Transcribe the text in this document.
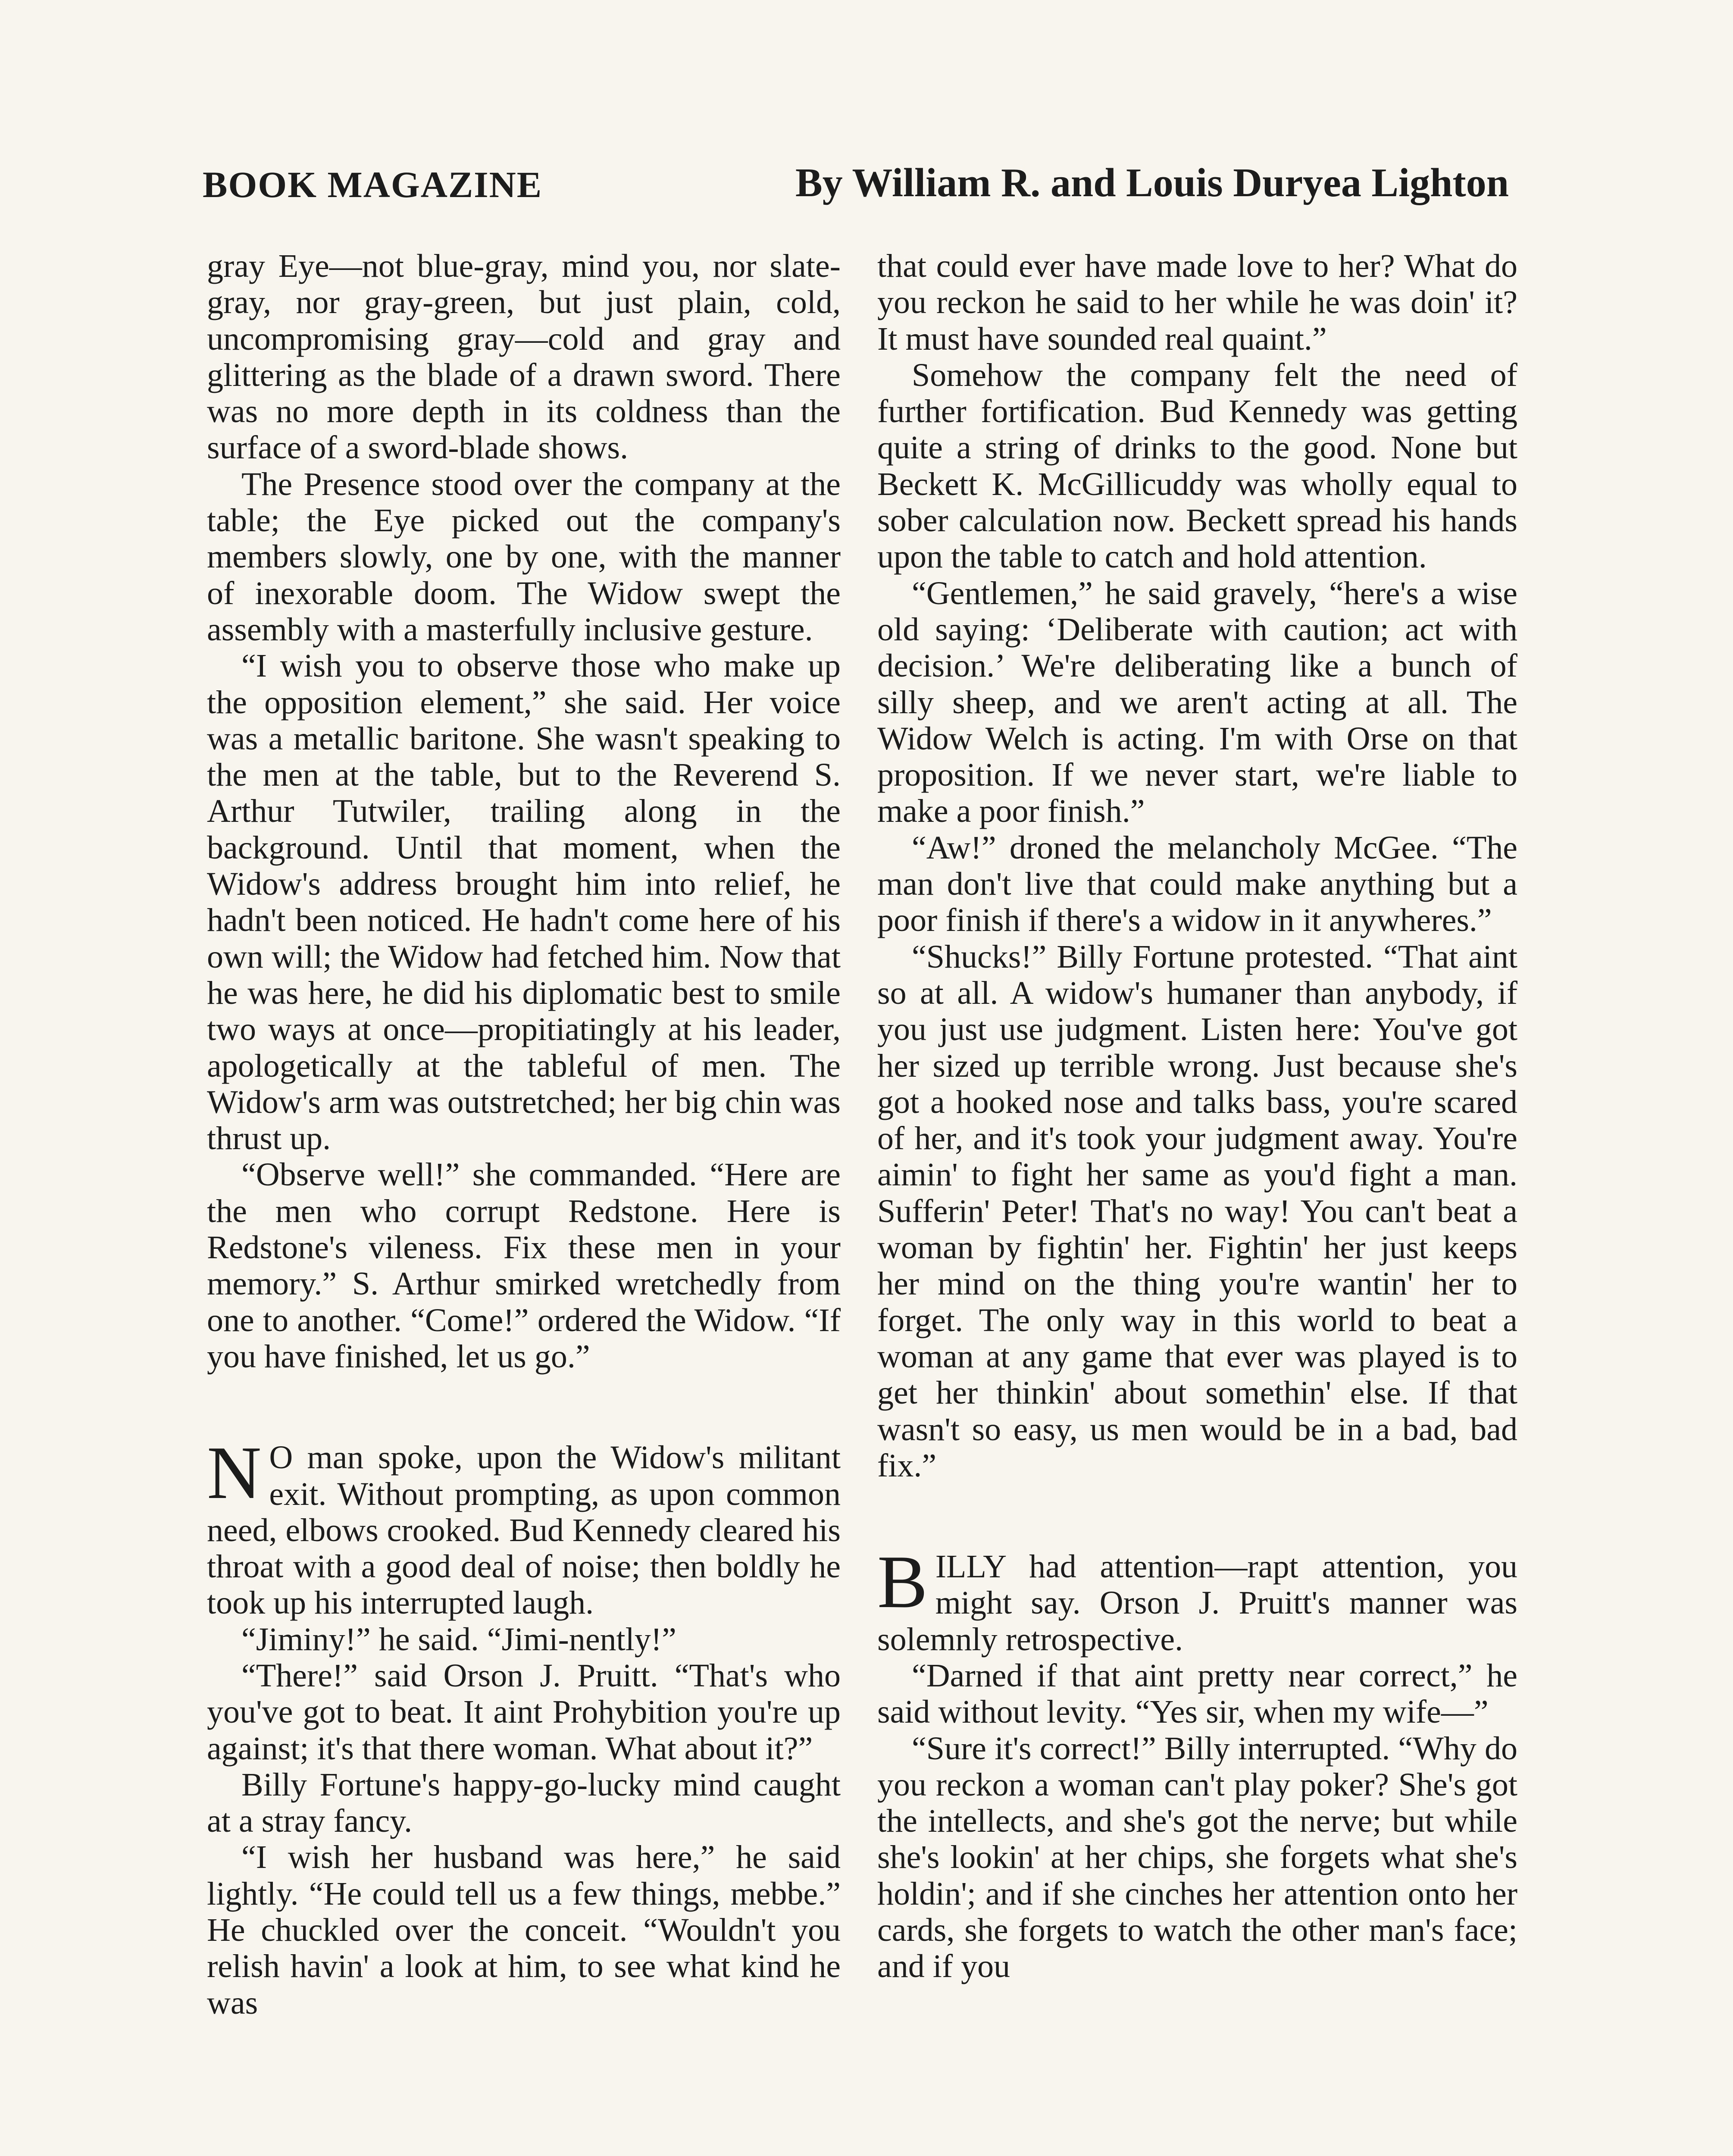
BOOK MAGAZINE	By William R. and Louis Duryea Lighton

gray Eye—not blue-gray, mind you, nor slate-gray, nor gray-green, but just plain, cold, uncompromising gray—cold and gray and glittering as the blade of a drawn sword. There was no more depth in its coldness than the surface of a sword-blade shows.

The Presence stood over the company at the table; the Eye picked out the company's members slowly, one by one, with the manner of inexorable doom. The Widow swept the assembly with a masterfully inclusive gesture.

“I wish you to observe those who make up the opposition element,” she said. Her voice was a metallic baritone. She wasn't speaking to the men at the table, but to the Reverend S. Arthur Tutwiler, trailing along in the background. Until that moment, when the Widow's address brought him into relief, he hadn't been noticed. He hadn't come here of his own will; the Widow had fetched him. Now that he was here, he did his diplomatic best to smile two ways at once—propitiatingly at his leader, apologetically at the tableful of men. The Widow's arm was outstretched; her big chin was thrust up.

“Observe well!” she commanded. “Here are the men who corrupt Redstone. Here is Redstone's vileness. Fix these men in your memory.” S. Arthur smirked wretchedly from one to another. “Come!” ordered the Widow. “If you have finished, let us go.”

N O man spoke, upon the Widow's militant exit. Without prompting, as upon common need, elbows crooked. Bud Kennedy cleared his throat with a good deal of noise; then boldly he took up his interrupted laugh.

“Jiminy!” he said. “Jimi-nently!”

“There!” said Orson J. Pruitt. “That's who you've got to beat. It aint Prohybition you're up against; it's that there woman. What about it?”

Billy Fortune's happy-go-lucky mind caught at a stray fancy.

“I wish her husband was here,” he said lightly. “He could tell us a few things, mebbe.” He chuckled over the conceit. “Wouldn't you relish havin' a look at him, to see what kind he was

that could ever have made love to her? What do you reckon he said to her while he was doin' it? It must have sounded real quaint.”

Somehow the company felt the need of further fortification. Bud Kennedy was getting quite a string of drinks to the good. None but Beckett K. McGillicuddy was wholly equal to sober calculation now. Beckett spread his hands upon the table to catch and hold attention.

“Gentlemen,” he said gravely, “here's a wise old saying: ‘Deliberate with caution; act with decision.’ We're deliberating like a bunch of silly sheep, and we aren't acting at all. The Widow Welch is acting. I'm with Orse on that proposition. If we never start, we're liable to make a poor finish.”

“Aw!” droned the melancholy McGee. “The man don't live that could make anything but a poor finish if there's a widow in it anywheres.”

“Shucks!” Billy Fortune protested. “That aint so at all. A widow's humaner than anybody, if you just use judgment. Listen here: You've got her sized up terrible wrong. Just because she's got a hooked nose and talks bass, you're scared of her, and it's took your judgment away. You're aimin' to fight her same as you'd fight a man. Sufferin' Peter! That's no way! You can't beat a woman by fightin' her. Fightin' her just keeps her mind on the thing you're wantin' her to forget. The only way in this world to beat a woman at any game that ever was played is to get her thinkin' about somethin' else. If that wasn't so easy, us men would be in a bad, bad fix.”

BILLY had attention—rapt attention, you might say. Orson J. Pruitt's manner was solemnly retrospective.

“Darned if that aint pretty near correct,” he said without levity. “Yes sir, when my wife—”

“Sure it's correct!” Billy interrupted. “Why do you reckon a woman can't play poker? She's got the intellects, and she's got the nerve; but while she's lookin' at her chips, she forgets what she's holdin'; and if she cinches her attention onto her cards, she forgets to watch the other man's face; and if you
